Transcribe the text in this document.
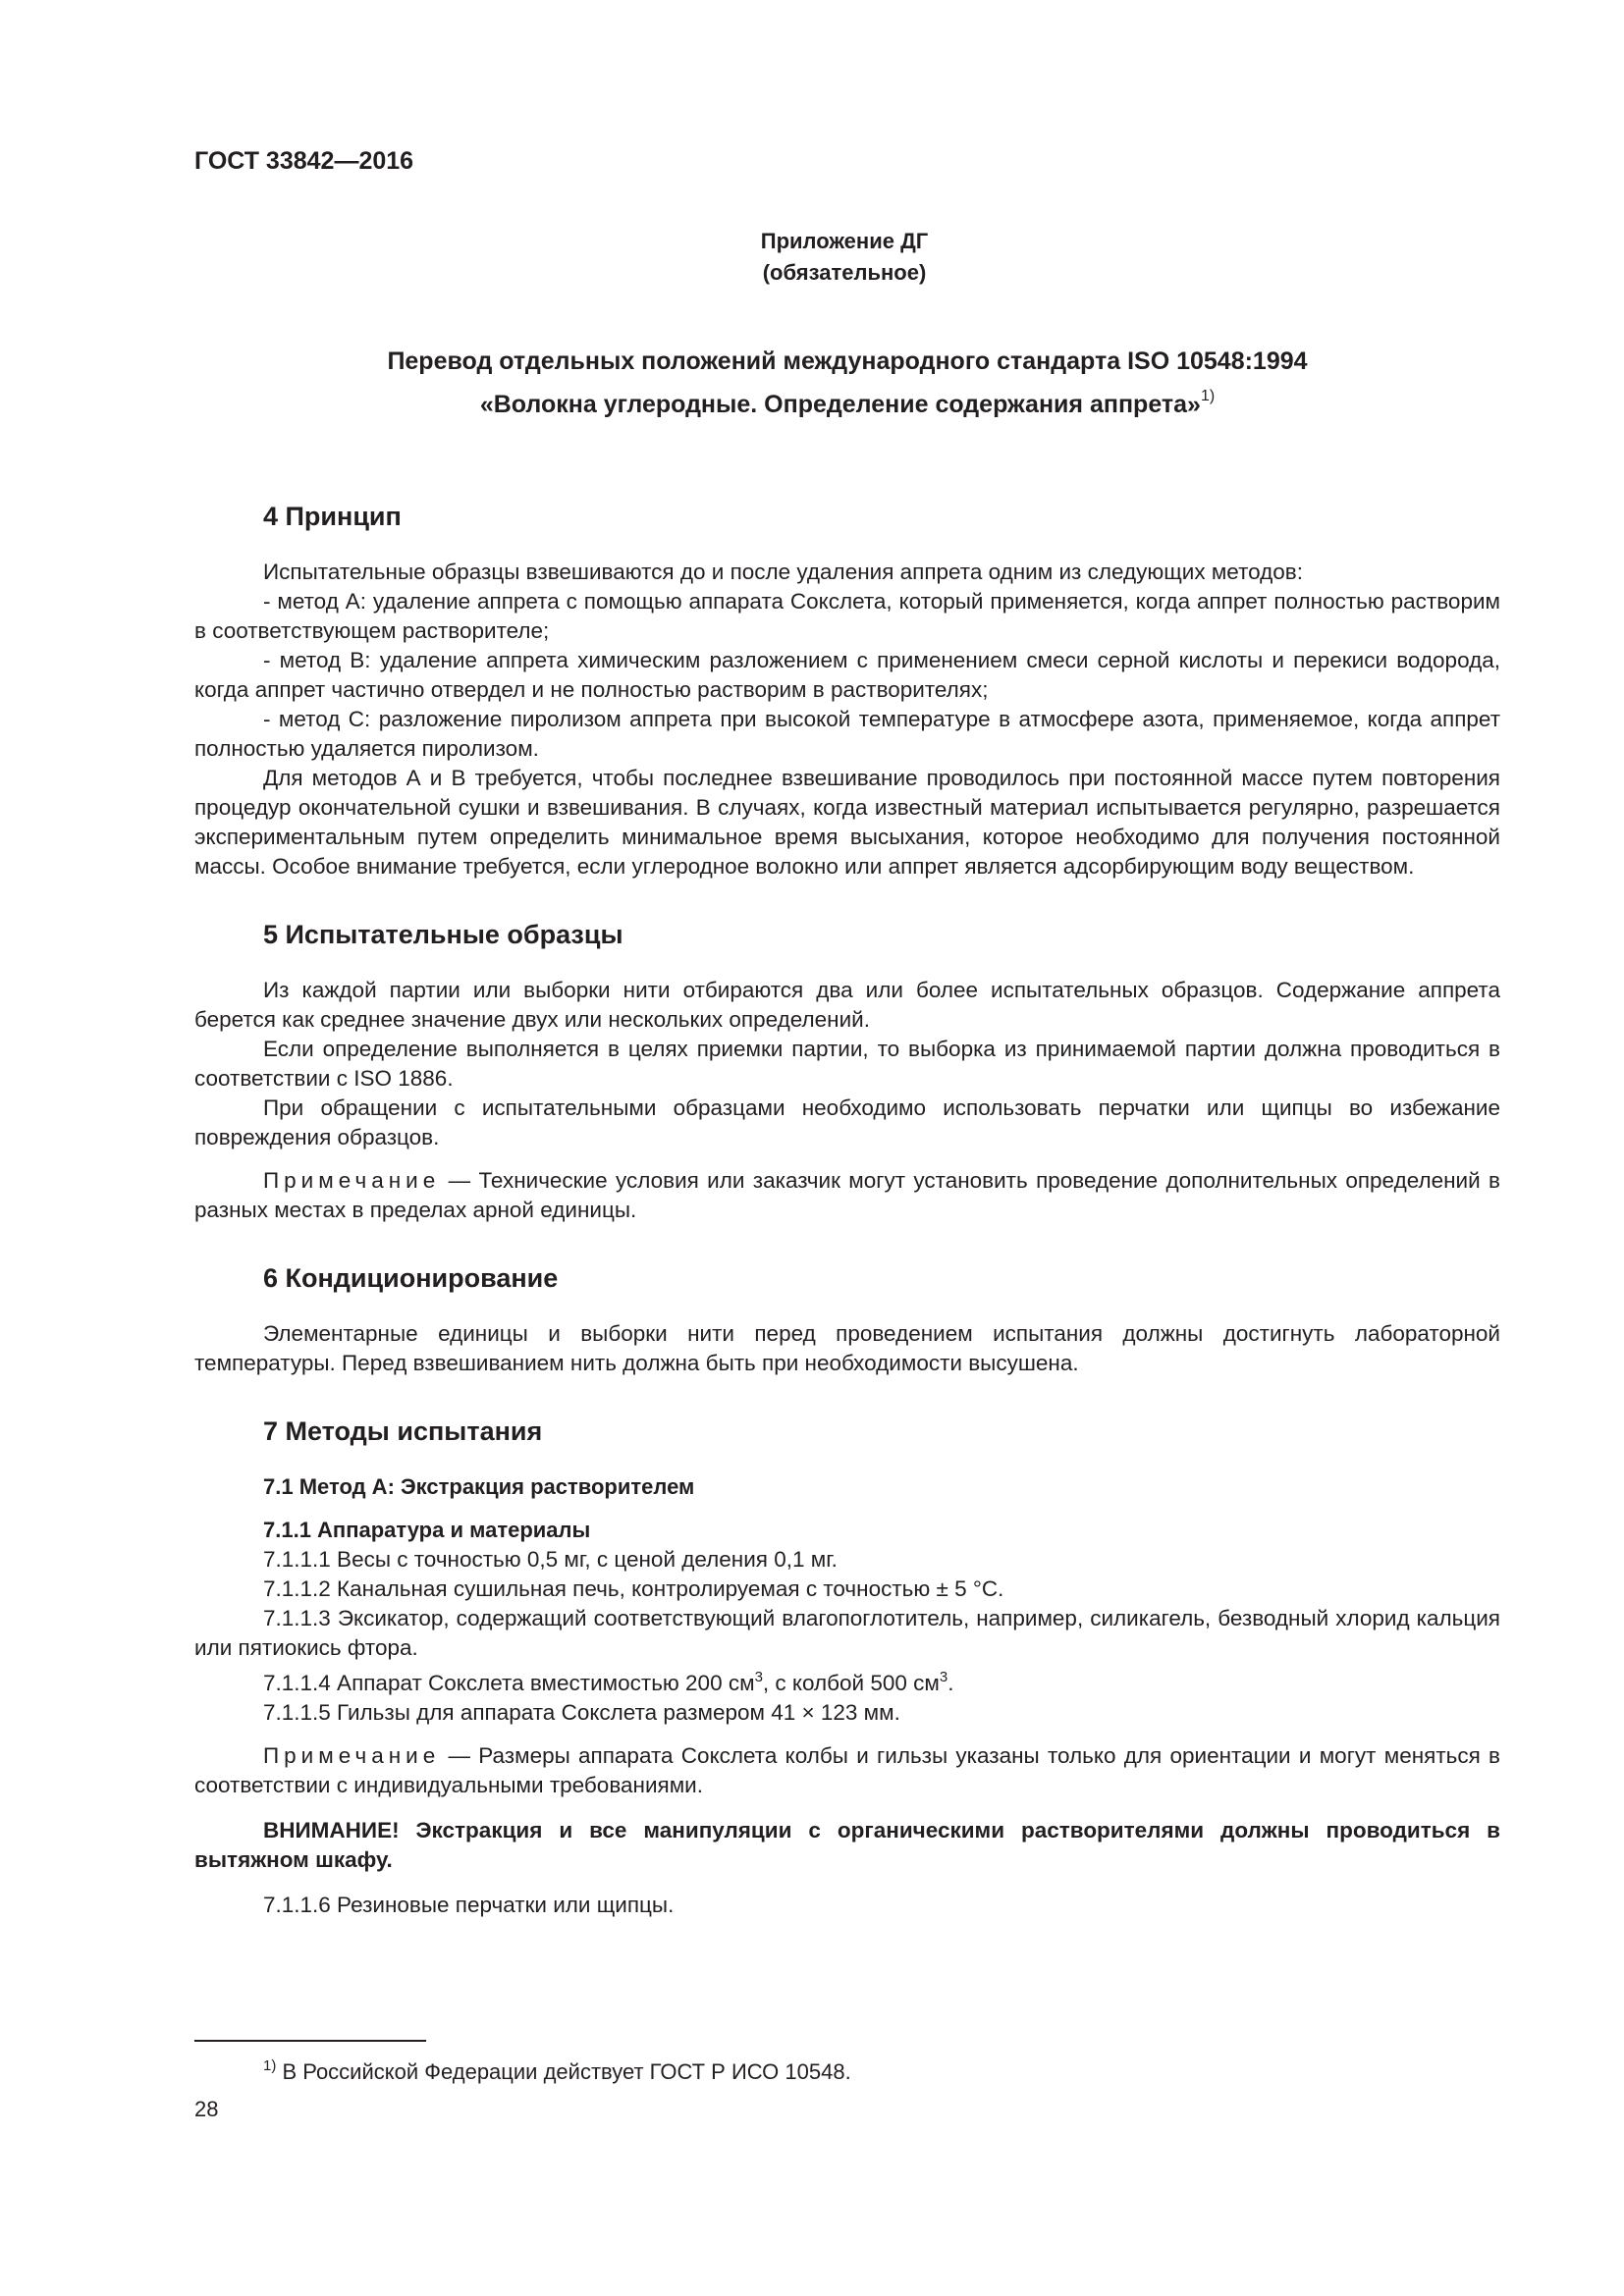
ГОСТ 33842—2016
Приложение ДГ
(обязательное)
Перевод отдельных положений международного стандарта ISO 10548:1994
«Волокна углеродные. Определение содержания аппрета»$^{1)}$
4 Принцип

Испытательные образцы взвешиваются до и после удаления аппрета одним из следующих методов:

- метод А: удаление аппрета с помощью аппарата Сокслета, который применяется, когда аппрет полностью растворим в соответствующем растворителе;

- метод В: удаление аппрета химическим разложением с применением смеси серной кислоты и перекиси водорода, когда аппрет частично отвердел и не полностью растворим в растворителях;

- метод С: разложение пиролизом аппрета при высокой температуре в атмосфере азота, применяемое, когда аппрет полностью удаляется пиролизом.

Для методов А и В требуется, чтобы последнее взвешивание проводилось при постоянной массе путем повторения процедур окончательной сушки и взвешивания. В случаях, когда известный материал испытывается регулярно, разрешается экспериментальным путем определить минимальное время высыхания, которое необходимо для получения постоянной массы. Особое внимание требуется, если углеродное волокно или аппрет является адсорбирующим воду веществом.

5 Испытательные образцы

Из каждой партии или выборки нити отбираются два или более испытательных образцов. Содержание аппрета берется как среднее значение двух или нескольких определений.

Если определение выполняется в целях приемки партии, то выборка из принимаемой партии должна проводиться в соответствии с ISO 1886.

При обращении с испытательными образцами необходимо использовать перчатки или щипцы во избежание повреждения образцов.

Примечание — Технические условия или заказчик могут установить проведение дополнительных определений в разных местах в пределах арной единицы.

6 Кондиционирование

Элементарные единицы и выборки нити перед проведением испытания должны достигнуть лабораторной температуры. Перед взвешиванием нить должна быть при необходимости высушена.

7 Методы испытания
7.1 Метод А: Экстракция растворителем
7.1.1 Аппаратура и материалы

7.1.1.1 Весы с точностью 0,5 мг, с ценой деления 0,1 мг.

7.1.1.2 Канальная сушильная печь, контролируемая с точностью ± 5 °С.

7.1.1.3 Эксикатор, содержащий соответствующий влагопоглотитель, например, силикагель, безводный хлорид кальция или пятиокись фтора.

7.1.1.4 Аппарат Сокслета вместимостью 200 $см^3$, с колбой 500 $см^3$.

7.1.1.5 Гильзы для аппарата Сокслета размером 41 × 123 мм.

Примечание — Размеры аппарата Сокслета колбы и гильзы указаны только для ориентации и могут меняться в соответствии с индивидуальными требованиями.

ВНИМАНИЕ! Экстракция и все манипуляции с органическими растворителями должны проводиться в вытяжном шкафу.

7.1.1.6 Резиновые перчатки или щипцы.

$^{1)}$ В Российской Федерации действует ГОСТ Р ИСО 10548.
28
